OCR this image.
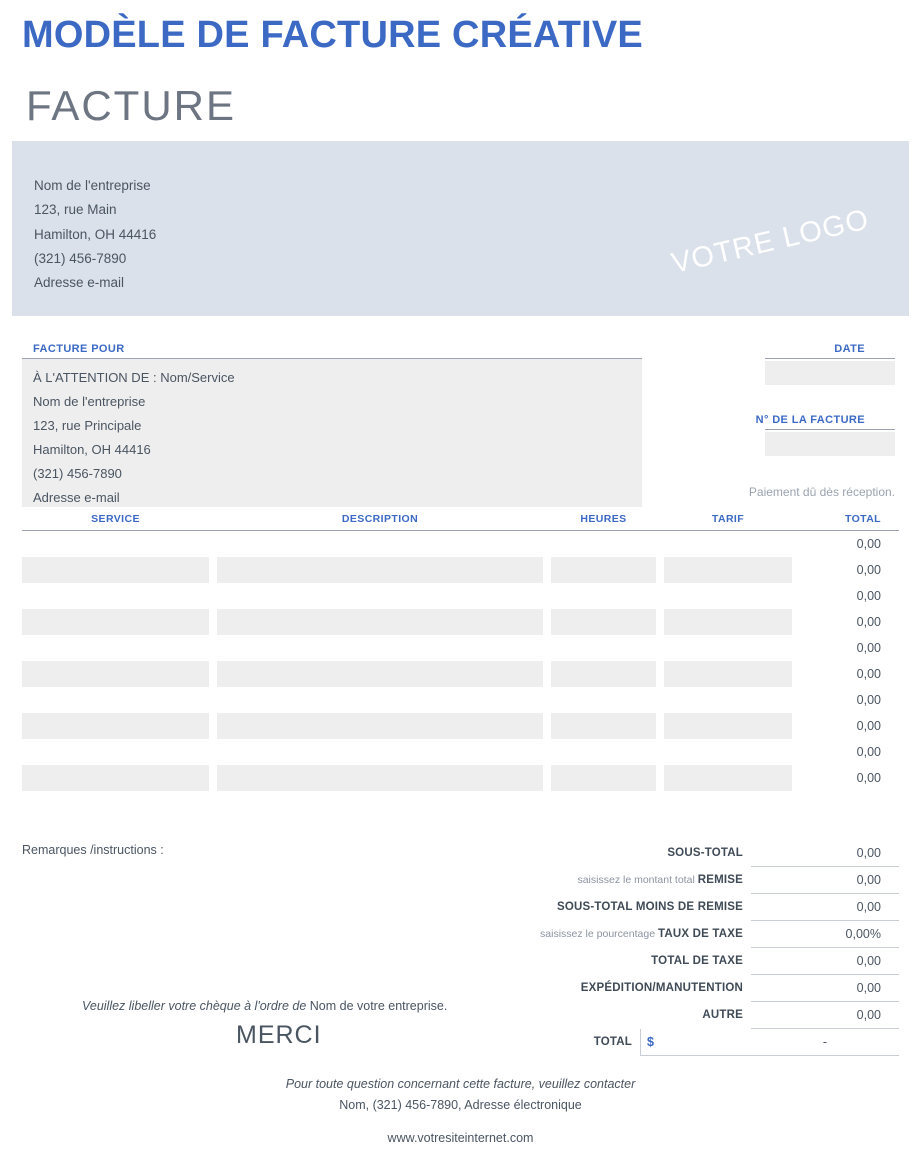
MODÈLE DE FACTURE CRÉATIVE
FACTURE
Nom de l'entreprise
123, rue Main
Hamilton, OH 44416
(321) 456-7890
Adresse e-mail
VOTRE LOGO
FACTURE POUR
À L'ATTENTION DE : Nom/Service
Nom de l'entreprise
123, rue Principale
Hamilton, OH 44416
(321) 456-7890
Adresse e-mail
DATE
N° DE LA FACTURE
Paiement dû dès réception.
SERVICE		DESCRIPTION		HEURES		TARIF	TOTAL
							0,00
							0,00
							0,00
							0,00
							0,00
							0,00
							0,00
							0,00
							0,00
							0,00
Remarques /instructions :	SOUS-TOTAL		0,00
saisissez le montant total REMISE		0,00
SOUS-TOTAL MOINS DE REMISE		0,00
saisissez le pourcentage TAUX DE TAXE		0,00%
TOTAL DE TAXE		0,00
EXPÉDITION/MANUTENTION		0,00
AUTRE		0,00
TOTAL	$	-
Veuillez libeller votre chèque à l'ordre de Nom de votre entreprise.
MERCI
Pour toute question concernant cette facture, veuillez contacter
Nom, (321) 456-7890, Adresse électronique
www.votresiteinternet.com
